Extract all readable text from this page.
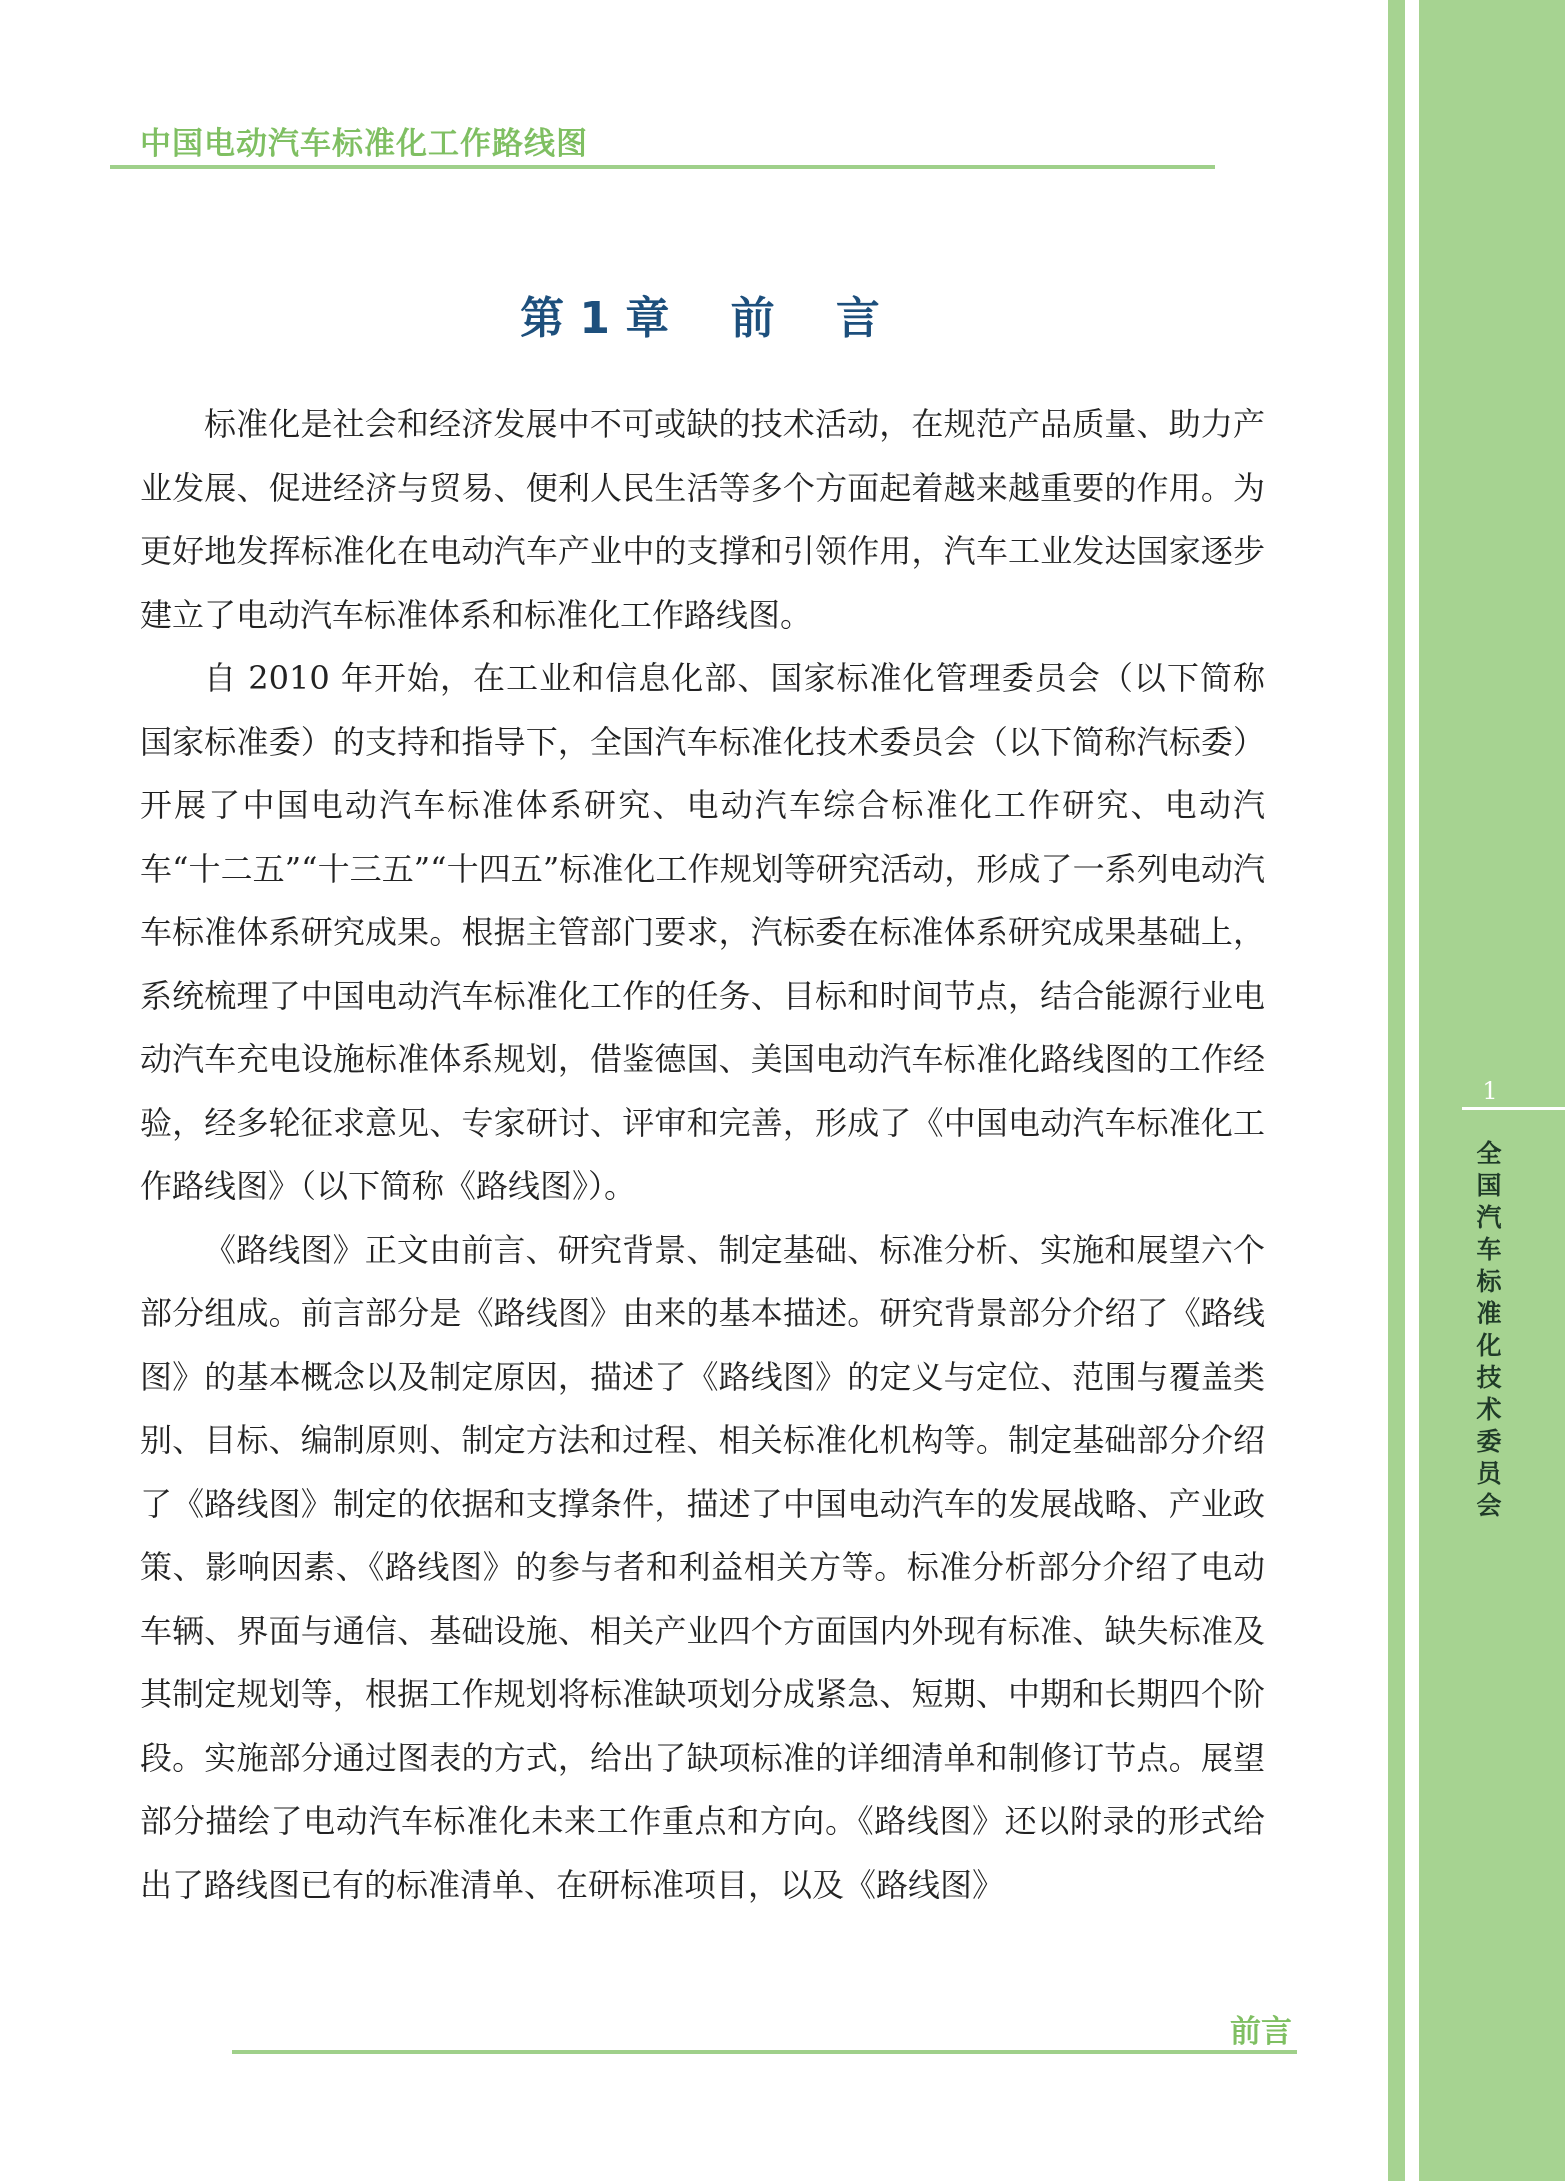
中国电动汽车标准化工作路线图
第 1 章    前    言

标准化是社会和经济发展中不可或缺的技术活动，在规范产品质量、助力产业发展、促进经济与贸易、便利人民生活等多个方面起着越来越重要的作用。为更好地发挥标准化在电动汽车产业中的支撑和引领作用，汽车工业发达国家逐步建立了电动汽车标准体系和标准化工作路线图。

自 2010 年开始，在工业和信息化部、国家标准化管理委员会（以下简称国家标准委）的支持和指导下，全国汽车标准化技术委员会（以下简称汽标委）开展了中国电动汽车标准体系研究、电动汽车综合标准化工作研究、电动汽车“十二五”“十三五”“十四五”标准化工作规划等研究活动，形成了一系列电动汽车标准体系研究成果。根据主管部门要求，汽标委在标准体系研究成果基础上，系统梳理了中国电动汽车标准化工作的任务、目标和时间节点，结合能源行业电动汽车充电设施标准体系规划，借鉴德国、美国电动汽车标准化路线图的工作经验，经多轮征求意见、专家研讨、评审和完善，形成了《中国电动汽车标准化工作路线图》（以下简称《路线图》）。

《路线图》正文由前言、研究背景、制定基础、标准分析、实施和展望六个部分组成。前言部分是《路线图》由来的基本描述。研究背景部分介绍了《路线图》的基本概念以及制定原因，描述了《路线图》的定义与定位、范围与覆盖类别、目标、编制原则、制定方法和过程、相关标准化机构等。制定基础部分介绍了《路线图》制定的依据和支撑条件，描述了中国电动汽车的发展战略、产业政策、影响因素、《路线图》的参与者和利益相关方等。标准分析部分介绍了电动车辆、界面与通信、基础设施、相关产业四个方面国内外现有标准、缺失标准及其制定规划等，根据工作规划将标准缺项划分成紧急、短期、中期和长期四个阶段。实施部分通过图表的方式，给出了缺项标准的详细清单和制修订节点。展望部分描绘了电动汽车标准化未来工作重点和方向。《路线图》还以附录的形式给出了路线图已有的标准清单、在研标准项目，以及《路线图》

前言
1
全国汽车标准化技术委员会
